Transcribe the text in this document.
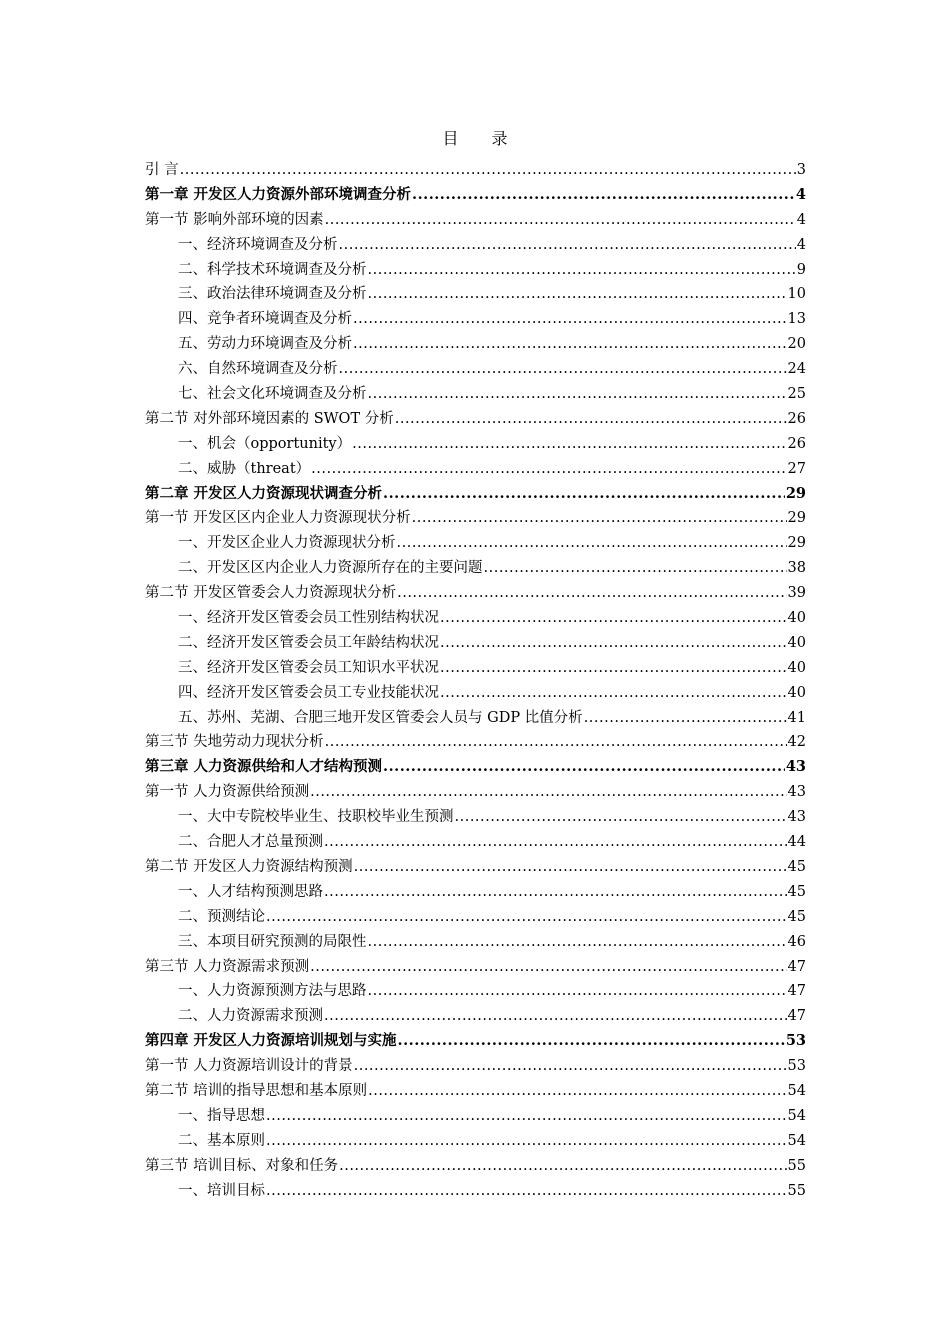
目 录
引 言 .....	3
第一章 开发区人力资源外部环境调查分析 .....	4
第一节 影响外部环境的因素 .....	4
一、经济环境调查及分析 .....	4
二、科学技术环境调查及分析 .....	9
三、政治法律环境调查及分析 .....	10
四、竞争者环境调查及分析 .....	13
五、劳动力环境调查及分析 .....	20
六、自然环境调查及分析 .....	24
七、社会文化环境调查及分析 .....	25
第二节 对外部环境因素的 SWOT 分析 .....	26
一、机会（opportunity） .....	26
二、威胁（threat） .....	27
第二章 开发区人力资源现状调查分析 .....	29
第一节 开发区区内企业人力资源现状分析 .....	29
一、开发区企业人力资源现状分析 .....	29
二、开发区区内企业人力资源所存在的主要问题 .....	38
第二节 开发区管委会人力资源现状分析 .....	39
一、经济开发区管委会员工性别结构状况 .....	40
二、经济开发区管委会员工年龄结构状况 .....	40
三、经济开发区管委会员工知识水平状况 .....	40
四、经济开发区管委会员工专业技能状况 .....	40
五、苏州、芜湖、合肥三地开发区管委会人员与 GDP 比值分析 .....	41
第三节 失地劳动力现状分析 .....	42
第三章 人力资源供给和人才结构预测 .....	43
第一节 人力资源供给预测 .....	43
一、大中专院校毕业生、技职校毕业生预测 .....	43
二、合肥人才总量预测 .....	44
第二节 开发区人力资源结构预测 .....	45
一、人才结构预测思路 .....	45
二、预测结论 .....	45
三、本项目研究预测的局限性 .....	46
第三节 人力资源需求预测 .....	47
一、人力资源预测方法与思路 .....	47
二、人力资源需求预测 .....	47
第四章 开发区人力资源培训规划与实施 .....	53
第一节 人力资源培训设计的背景 .....	53
第二节 培训的指导思想和基本原则 .....	54
一、指导思想 .....	54
二、基本原则 .....	54
第三节 培训目标、对象和任务 .....	55
一、培训目标 .....	55
